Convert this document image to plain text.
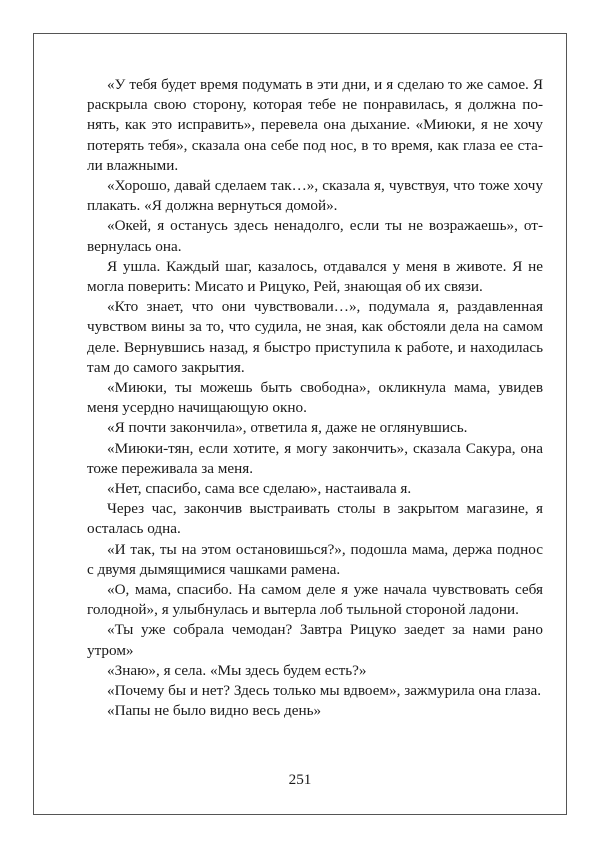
«У тебя будет время подумать в эти дни, и я сделаю то же самое. Я раскрыла свою сторону, которая тебе не понравилась, я должна понять, как это исправить», перевела она дыхание. «Миюки, я не хочу потерять тебя», сказала она себе под нос, в то время, как глаза ее стали влажными.

«Хорошо, давай сделаем так…», сказала я, чувствуя, что тоже хочу плакать. «Я должна вернуться домой».

«Окей, я останусь здесь ненадолго, если ты не возражаешь», отвернулась она.

Я ушла. Каждый шаг, казалось, отдавался у меня в животе. Я не могла поверить: Мисато и Рицуко, Рей, знающая об их связи.

«Кто знает, что они чувствовали…», подумала я, раздавленная чувством вины за то, что судила, не зная, как обстояли дела на самом деле. Вернувшись назад, я быстро приступила к работе, и находилась там до самого закрытия.

«Миюки, ты можешь быть свободна», окликнула мама, увидев меня усердно начищающую окно.

«Я почти закончила», ответила я, даже не оглянувшись.

«Миюки-тян, если хотите, я могу закончить», сказала Сакура, она тоже переживала за меня.

«Нет, спасибо, сама все сделаю», настаивала я.

Через час, закончив выстраивать столы в закрытом магазине, я осталась одна.

«И так, ты на этом остановишься?», подошла мама, держа поднос с двумя дымящимися чашками рамена.

«О, мама, спасибо. На самом деле я уже начала чувствовать себя голодной», я улыбнулась и вытерла лоб тыльной стороной ладони.

«Ты уже собрала чемодан? Завтра Рицуко заедет за нами рано утром»

«Знаю», я села. «Мы здесь будем есть?»

«Почему бы и нет? Здесь только мы вдвоем», зажмурила она глаза.

«Папы не было видно весь день»

251
